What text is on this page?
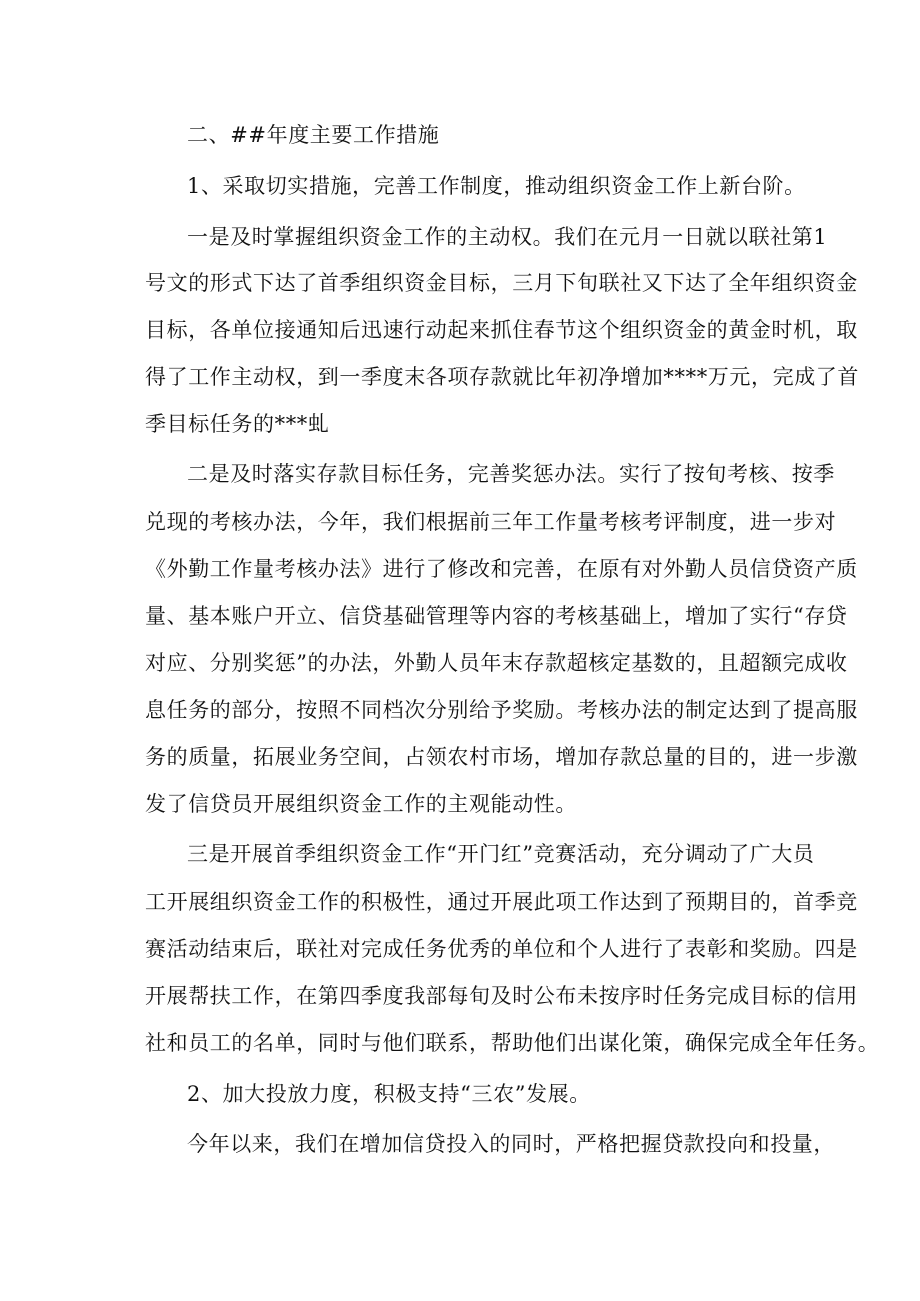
二、##年度主要工作措施
1、采取切实措施，完善工作制度，推动组织资金工作上新台阶。
一是及时掌握组织资金工作的主动权。我们在元月一日就以联社第1
号文的形式下达了首季组织资金目标，三月下旬联社又下达了全年组织资金
目标，各单位接通知后迅速行动起来抓住春节这个组织资金的黄金时机，取
得了工作主动权，到一季度末各项存款就比年初净增加****万元，完成了首
季目标任务的***虬
二是及时落实存款目标任务，完善奖惩办法。实行了按旬考核、按季
兑现的考核办法，今年，我们根据前三年工作量考核考评制度，进一步对
《外勤工作量考核办法》进行了修改和完善，在原有对外勤人员信贷资产质
量、基本账户开立、信贷基础管理等内容的考核基础上，增加了实行“存贷
对应、分别奖惩”的办法，外勤人员年末存款超核定基数的，且超额完成收
息任务的部分，按照不同档次分别给予奖励。考核办法的制定达到了提高服
务的质量，拓展业务空间，占领农村市场，增加存款总量的目的，进一步激
发了信贷员开展组织资金工作的主观能动性。
三是开展首季组织资金工作“开门红”竞赛活动，充分调动了广大员
工开展组织资金工作的积极性，通过开展此项工作达到了预期目的，首季竞
赛活动结束后，联社对完成任务优秀的单位和个人进行了表彰和奖励。四是
开展帮扶工作，在第四季度我部每旬及时公布未按序时任务完成目标的信用
社和员工的名单，同时与他们联系，帮助他们出谋化策，确保完成全年任务。
2、加大投放力度，积极支持“三农”发展。
今年以来，我们在增加信贷投入的同时，严格把握贷款投向和投量，
